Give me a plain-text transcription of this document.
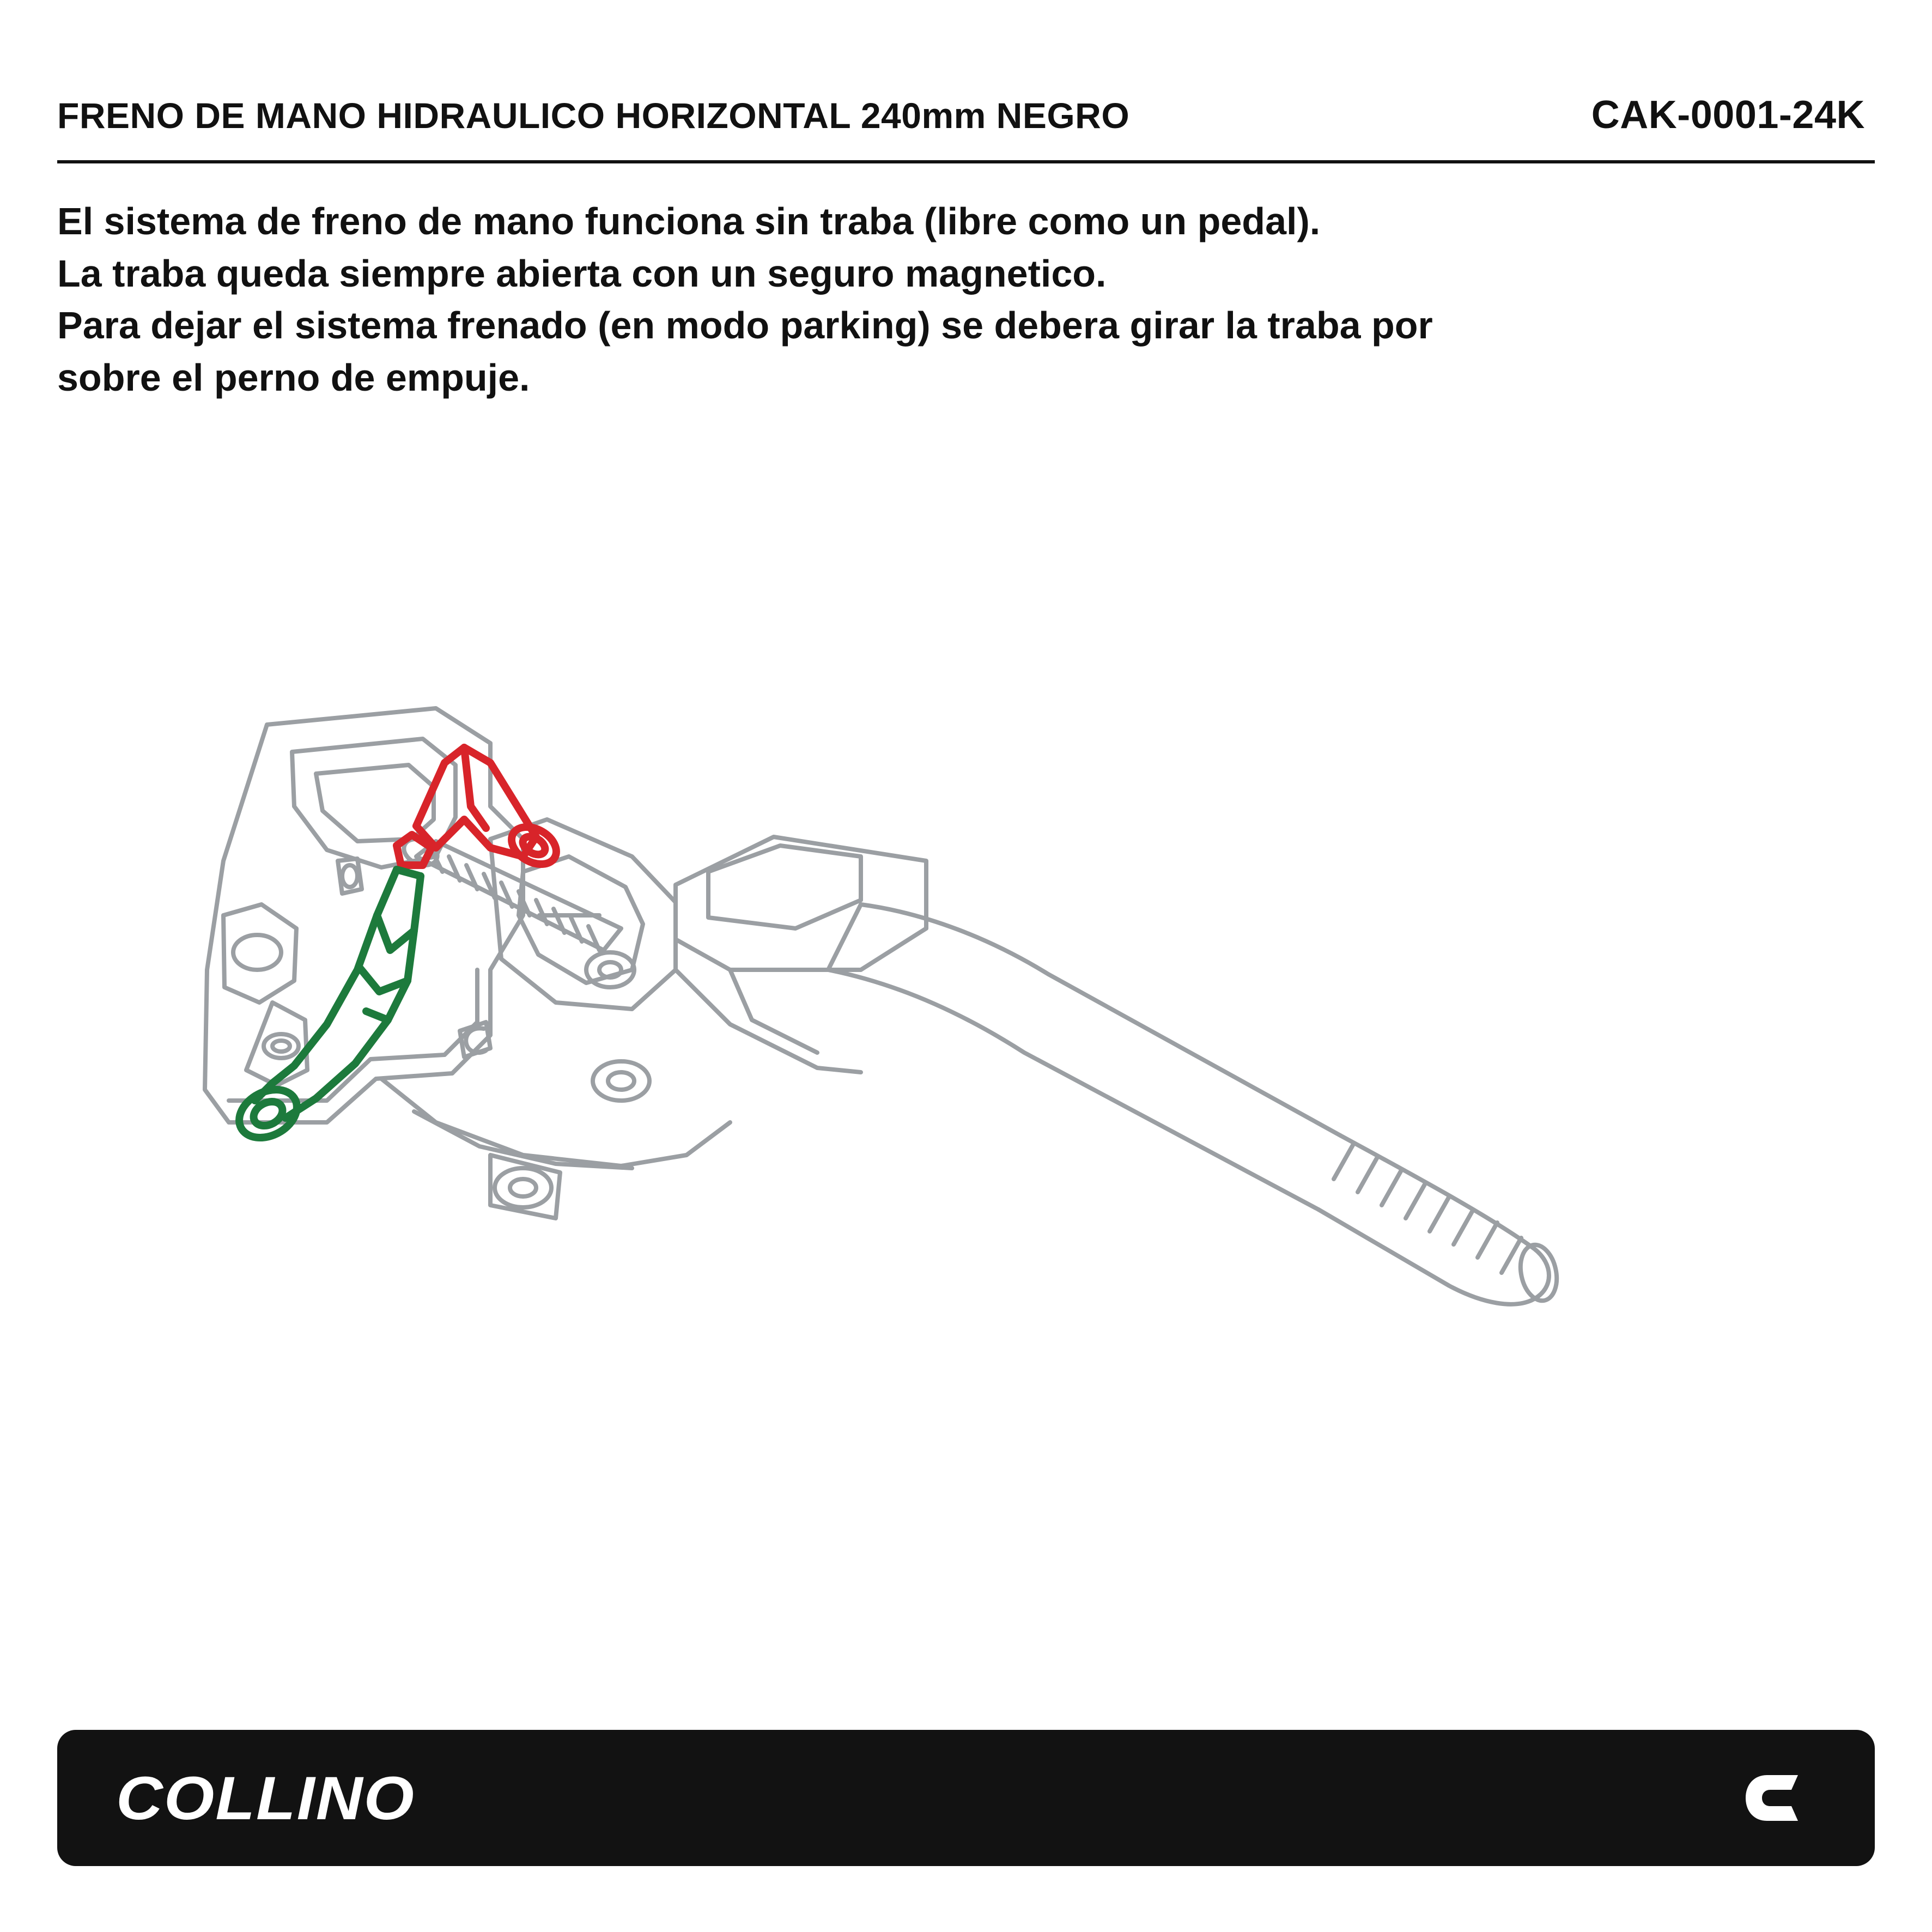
FRENO DE MANO HIDRAULICO HORIZONTAL 240mm NEGRO	CAK-0001-24K

El sistema de freno de mano funciona sin traba (libre como un pedal).

La traba queda siempre abierta con un seguro magnetico.

Para dejar el sistema frenado (en modo parking) se debera girar la traba por

sobre el perno de empuje.

COLLINO
